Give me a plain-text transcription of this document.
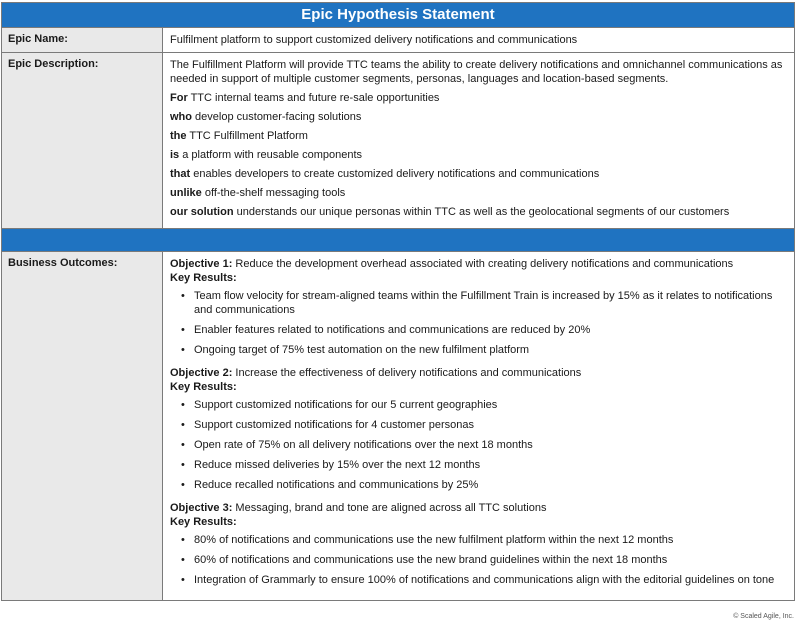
Epic Hypothesis Statement
Epic Name:	Fulfilment platform to support customized delivery notifications and communications
Epic Description:	The Fulfillment Platform will provide TTC teams the ability to create delivery notifications and omnichannel communications as needed in support of multiple customer segments, personas, languages and location-based segments.
For TTC internal teams and future re-sale opportunities
who develop customer-facing solutions
the TTC Fulfillment Platform
is a platform with reusable components
that enables developers to create customized delivery notifications and communications
unlike off-the-shelf messaging tools
our solution understands our unique personas within TTC as well as the geolocational segments of our customers
Business Outcomes:	Objective 1: Reduce the development overhead associated with creating delivery notifications and communications
Key Results:
• Team flow velocity for stream-aligned teams within the Fulfillment Train is increased by 15% as it relates to notifications and communications
• Enabler features related to notifications and communications are reduced by 20%
• Ongoing target of 75% test automation on the new fulfilment platform
Objective 2: Increase the effectiveness of delivery notifications and communications
Key Results:
• Support customized notifications for our 5 current geographies
• Support customized notifications for 4 customer personas
• Open rate of 75% on all delivery notifications over the next 18 months
• Reduce missed deliveries by 15% over the next 12 months
• Reduce recalled notifications and communications by 25%
Objective 3: Messaging, brand and tone are aligned across all TTC solutions
Key Results:
• 80% of notifications and communications use the new fulfilment platform within the next 12 months
• 60% of notifications and communications use the new brand guidelines within the next 18 months
• Integration of Grammarly to ensure 100% of notifications and communications align with the editorial guidelines on tone
© Scaled Agile, Inc.
